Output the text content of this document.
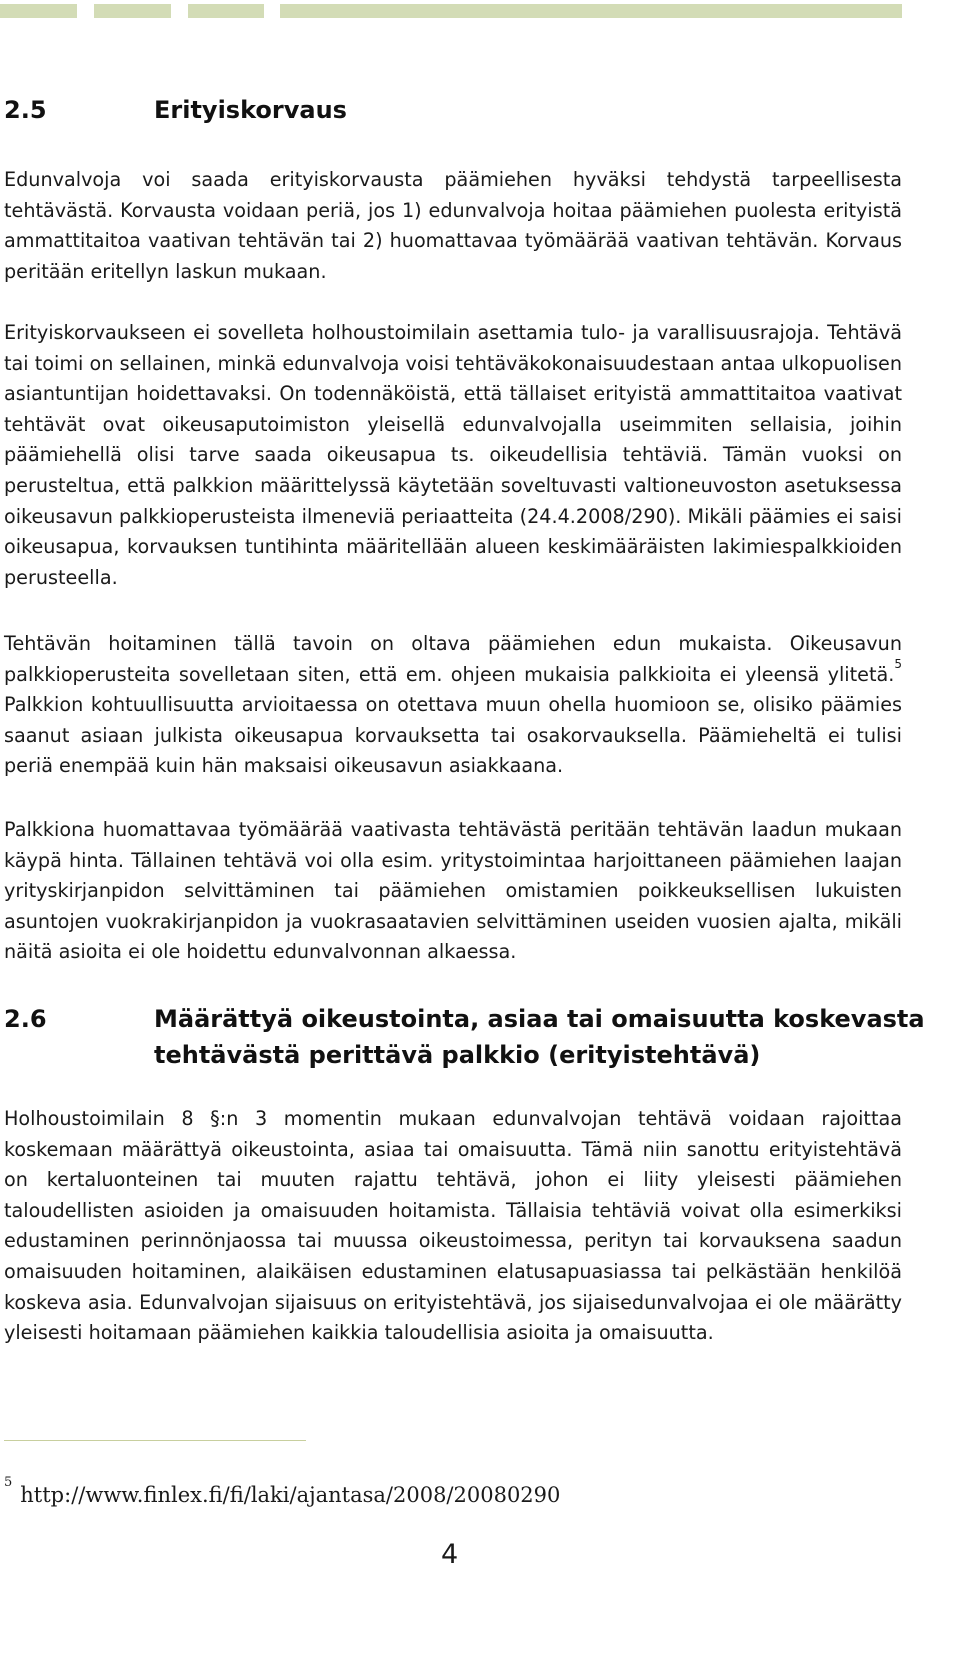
2.5	Erityiskorvaus

Edunvalvoja voi saada erityiskorvausta päämiehen hyväksi tehdystä tarpeellisesta tehtävästä. Korvausta voidaan periä, jos 1) edunvalvoja hoitaa päämiehen puolesta erityistä ammattitaitoa vaativan tehtävän tai 2) huomattavaa työmäärää vaativan tehtävän. Korvaus peritään eritellyn laskun mukaan.

Erityiskorvaukseen ei sovelleta holhoustoimilain asettamia tulo- ja varallisuusrajoja. Tehtävä tai toimi on sellainen, minkä edunvalvoja voisi tehtäväkokonaisuudestaan antaa ulkopuolisen asiantuntijan hoidettavaksi. On todennäköistä, että tällaiset erityistä ammattitaitoa vaativat tehtävät ovat oikeusaputoimiston yleisellä edunvalvojalla useimmiten sellaisia, joihin päämiehellä olisi tarve saada oikeusapua ts. oikeudellisia tehtäviä. Tämän vuoksi on perusteltua, että palkkion määrittelyssä käytetään soveltuvasti valtioneuvoston asetuksessa oikeusavun palkkioperusteista ilmeneviä periaatteita (24.4.2008/290). Mikäli päämies ei saisi oikeusapua, korvauksen tuntihinta määritellään alueen keskimääräisten lakimiespalkkioiden perusteella.

Tehtävän hoitaminen tällä tavoin on oltava päämiehen edun mukaista. Oikeusavun palkkioperusteita sovelletaan siten, että em. ohjeen mukaisia palkkioita ei yleensä ylitetä.$^5$ Palkkion kohtuullisuutta arvioitaessa on otettava muun ohella huomioon se, olisiko päämies saanut asiaan julkista oikeusapua korvauksetta tai osakorvauksella. Päämieheltä ei tulisi periä enempää kuin hän maksaisi oikeusavun asiakkaana.

Palkkiona huomattavaa työmäärää vaativasta tehtävästä peritään tehtävän laadun mukaan käypä hinta. Tällainen tehtävä voi olla esim. yritystoimintaa harjoittaneen päämiehen laajan yrityskirjanpidon selvittäminen tai päämiehen omistamien poikkeuksellisen lukuisten asuntojen vuokrakirjanpidon ja vuokrasaatavien selvittäminen useiden vuosien ajalta, mikäli näitä asioita ei ole hoidettu edunvalvonnan alkaessa.

2.6	Määrättyä oikeustointa, asiaa tai omaisuutta koskevasta
tehtävästä perittävä palkkio (erityistehtävä)

Holhoustoimilain 8 §:n 3 momentin mukaan edunvalvojan tehtävä voidaan rajoittaa koskemaan määrättyä oikeustointa, asiaa tai omaisuutta. Tämä niin sanottu erityistehtävä on kertaluonteinen tai muuten rajattu tehtävä, johon ei liity yleisesti päämiehen taloudellisten asioiden ja omaisuuden hoitamista. Tällaisia tehtäviä voivat olla esimerkiksi edustaminen perinnönjaossa tai muussa oikeustoimessa, perityn tai korvauksena saadun omaisuuden hoitaminen, alaikäisen edustaminen elatusapuasiassa tai pelkästään henkilöä koskeva asia. Edunvalvojan sijaisuus on erityistehtävä, jos sijaisedunvalvojaa ei ole määrätty yleisesti hoitamaan päämiehen kaikkia taloudellisia asioita ja omaisuutta.

$^5$http://www.finlex.fi/fi/laki/ajantasa/2008/20080290
4
